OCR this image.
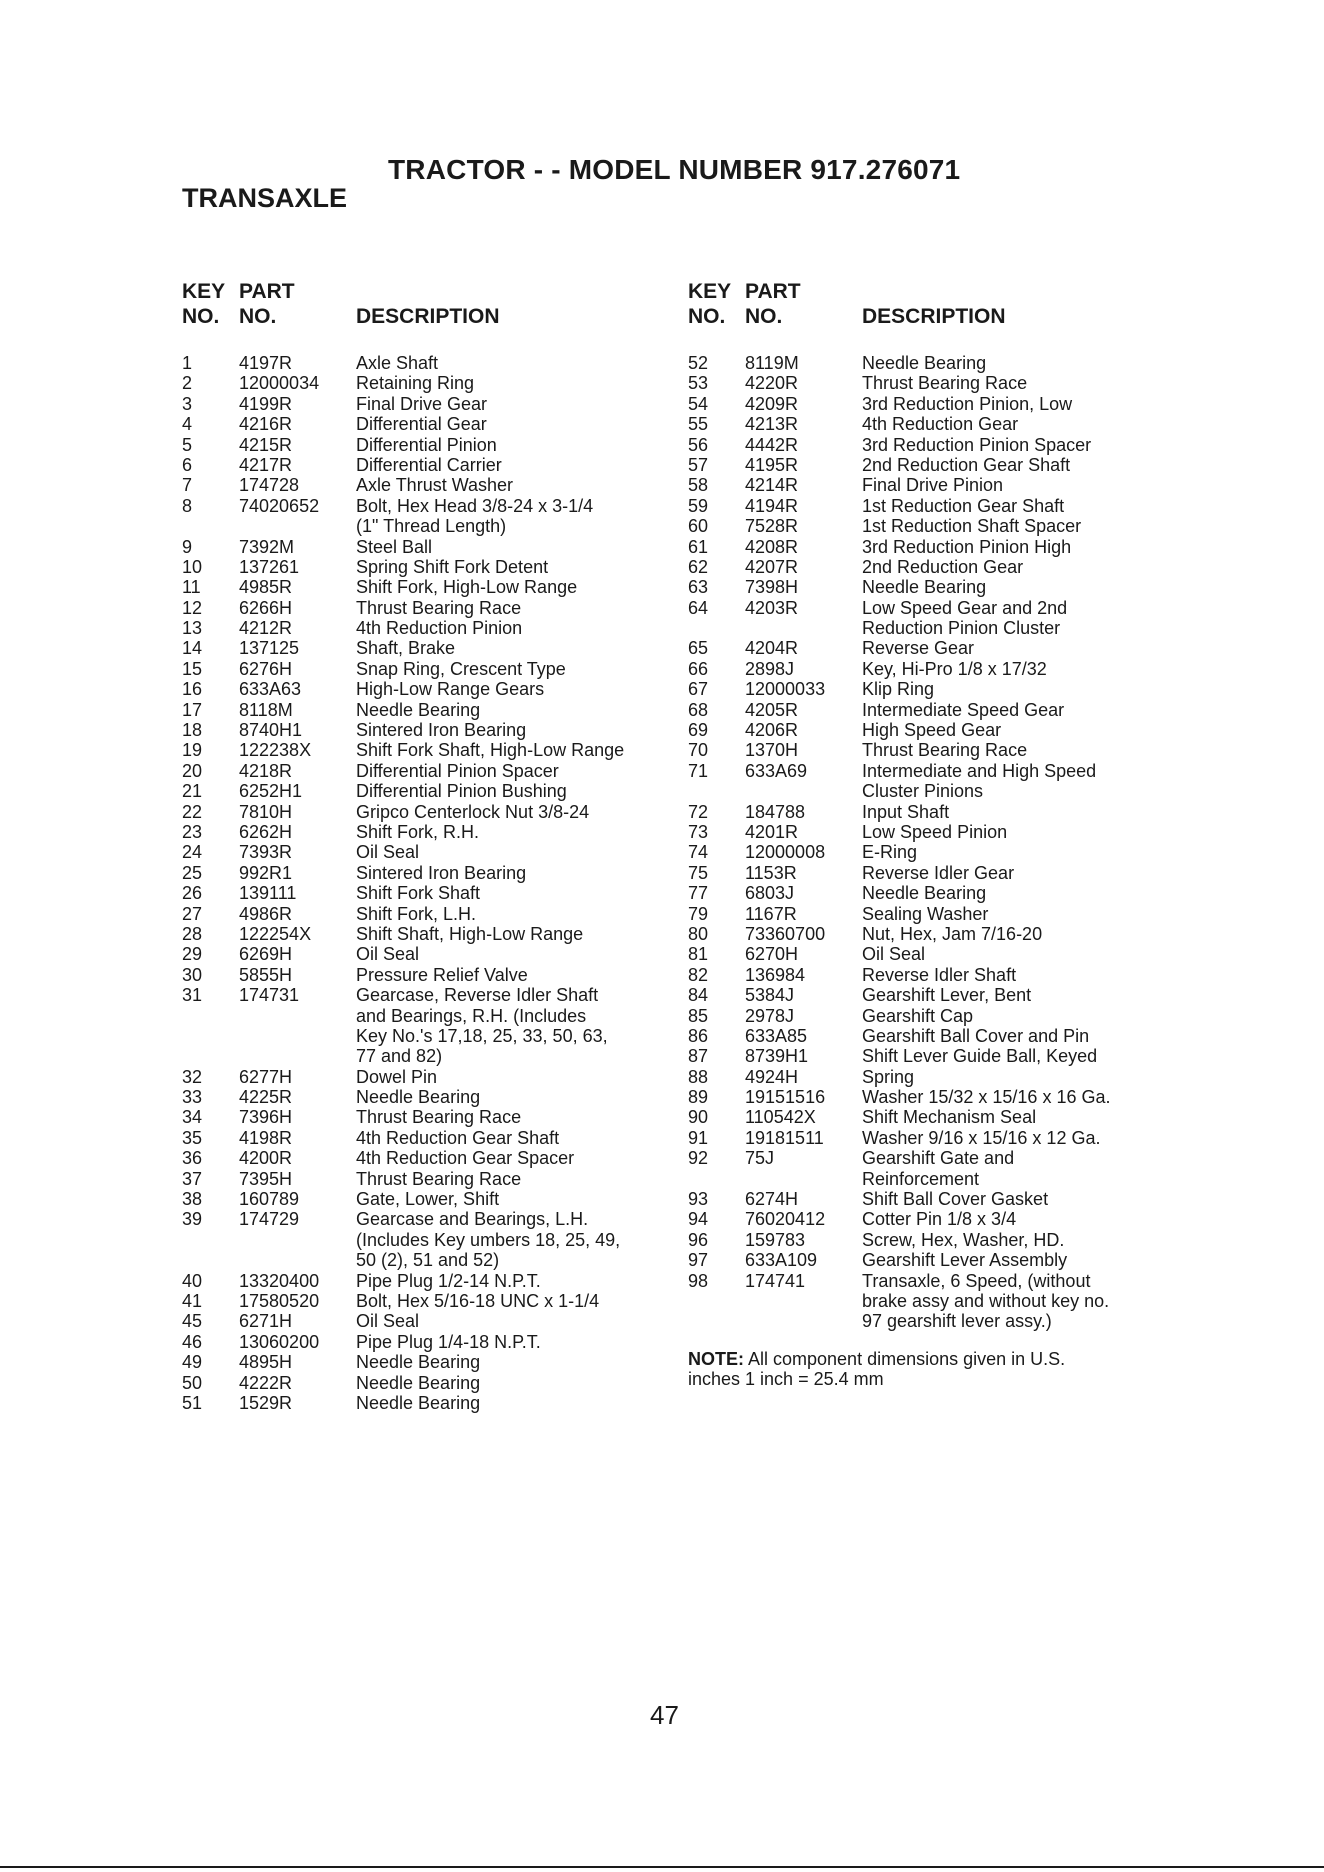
TRACTOR - - MODEL NUMBER 917.276071
TRANSAXLE
KEY
NO.
PART
NO.	DESCRIPTION
1	4197R	Axle Shaft
2	12000034 Retaining Ring
3	4199R	Final Drive Gear
4	4216R	Differential Gear
5	4215R	Differential Pinion
6	4217R	Differential Carrier
7	174728	Axle Thrust Washer
8	74020652 Bolt, Hex Head 3/8-24 x 3-1/4
(1" Thread Length)
9	7392M	Steel Ball
10 137261	Spring Shift Fork Detent
11 4985R	Shift Fork, High-Low Range
12 6266H	Thrust Bearing Race
13 4212R	4th Reduction Pinion
14 137125	Shaft, Brake
15 6276H	Snap Ring, Crescent Type
16 633A63	High-Low Range Gears
17 8118M	Needle Bearing
18 8740H1	Sintered Iron Bearing
19 122238X Shift Fork Shaft, High-Low Range
20 4218R	Differential Pinion Spacer
21 6252H1	Differential Pinion Bushing
22 7810H	Gripco Centerlock Nut 3/8-24
23 6262H	Shift Fork, R.H.
24 7393R	Oil Seal
25 992R1	Sintered Iron Bearing
26 139111	Shift Fork Shaft
27 4986R	Shift Fork, L.H.
28 122254X Shift Shaft, High-Low Range
29 6269H	Oil Seal
30 5855H	Pressure Relief Valve
31 174731	Gearcase, Reverse Idler Shaft
and Bearings, R.H. (Includes
Key No.'s 17,18, 25, 33, 50, 63,
77 and 82)
32 6277H	Dowel Pin
33 4225R	Needle Bearing
34 7396H	Thrust Bearing Race
35 4198R	4th Reduction Gear Shaft
36 4200R	4th Reduction Gear Spacer
37 7395H	Thrust Bearing Race
38 160789	Gate, Lower, Shift
39 174729	Gearcase and Bearings, L.H.
(Includes Key umbers 18, 25, 49,
50 (2), 51 and 52)
40 13320400 Pipe Plug 1/2-14 N.P.T.
41 17580520 Bolt, Hex 5/16-18 UNC x 1-1/4
45 6271H	Oil Seal
46 13060200 Pipe Plug 1/4-18 N.P.T.
49 4895H	Needle Bearing
50 4222R	Needle Bearing
51 1529R	Needle Bearing
KEY
NO.
PART
NO.	DESCRIPTION
52 8119M	Needle Bearing
53 4220R	Thrust Bearing Race
54 4209R	3rd Reduction Pinion, Low
55 4213R	4th Reduction Gear
56 4442R	3rd Reduction Pinion Spacer
57 4195R	2nd Reduction Gear Shaft
58 4214R	Final Drive Pinion
59 4194R	1st Reduction Gear Shaft
60 7528R	1st Reduction Shaft Spacer
61 4208R	3rd Reduction Pinion High
62 4207R	2nd Reduction Gear
63 7398H	Needle Bearing
64 4203R	Low Speed Gear and 2nd
Reduction Pinion Cluster
65 4204R	Reverse Gear
66 2898J	Key, Hi-Pro 1/8 x 17/32
67 12000033 Klip Ring
68 4205R	Intermediate Speed Gear
69 4206R	High Speed Gear
70 1370H	Thrust Bearing Race
71 633A69	Intermediate and High Speed
Cluster Pinions
72 184788	Input Shaft
73 4201R	Low Speed Pinion
74 12000008 E-Ring
75 1153R	Reverse Idler Gear
77 6803J	Needle Bearing
79 1167R	Sealing Washer
80 73360700 Nut, Hex, Jam 7/16-20
81 6270H	Oil Seal
82 136984	Reverse Idler Shaft
84 5384J	Gearshift Lever, Bent
85 2978J	Gearshift Cap
86 633A85	Gearshift Ball Cover and Pin
87 8739H1	Shift Lever Guide Ball, Keyed
88 4924H	Spring
89 19151516 Washer 15/32 x 15/16 x 16 Ga.
90 110542X	Shift Mechanism Seal
91 19181511 Washer 9/16 x 15/16 x 12 Ga.
92 75J	Gearshift Gate and
Reinforcement
93 6274H	Shift Ball Cover Gasket
94 76020412 Cotter Pin 1/8 x 3/4
96 159783	Screw, Hex, Washer, HD.
97 633A109 Gearshift Lever Assembly
98 174741	Transaxle, 6 Speed, (without
brake assy and without key no.
97 gearshift lever assy.)
NOTE: All component dimensions given in U.S.
inches 1 inch = 25.4 mm
47
